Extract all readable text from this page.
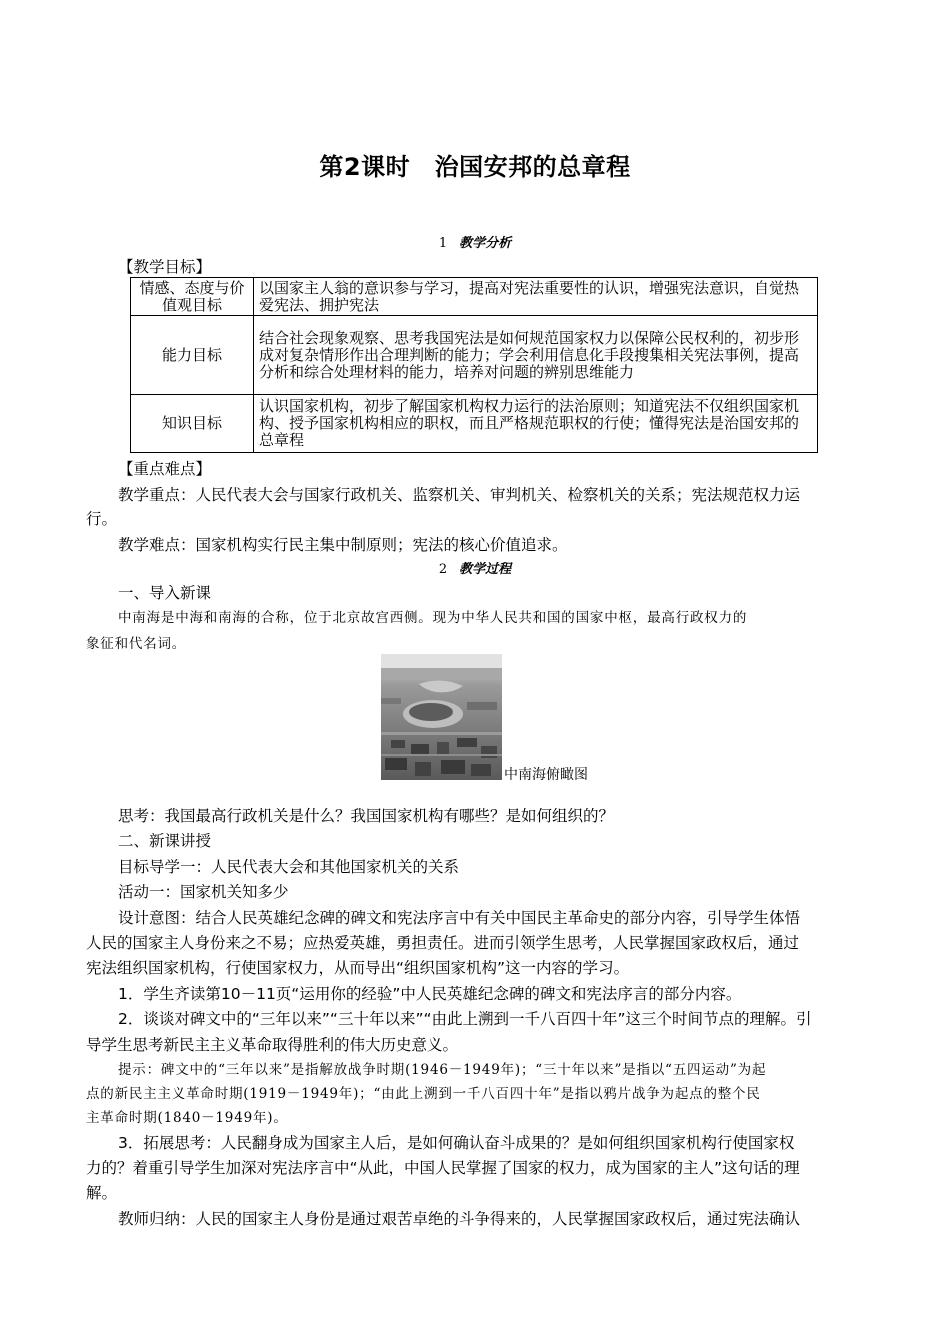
第2课时　治国安邦的总章程
1 教学分析
【教学目标】
情感、态度与价值观目标	以国家主人翁的意识参与学习，提高对宪法重要性的认识，增强宪法意识，自觉热爱宪法、拥护宪法
能力目标	结合社会现象观察、思考我国宪法是如何规范国家权力以保障公民权利的，初步形成对复杂情形作出合理判断的能力；学会利用信息化手段搜集相关宪法事例，提高分析和综合处理材料的能力，培养对问题的辨别思维能力
知识目标	认识国家机构，初步了解国家机构权力运行的法治原则；知道宪法不仅组织国家机构、授予国家机构相应的职权，而且严格规范职权的行使；懂得宪法是治国安邦的总章程
【重点难点】
教学重点：人民代表大会与国家行政机关、监察机关、审判机关、检察机关的关系；宪法规范权力运
行。
教学难点：国家机构实行民主集中制原则；宪法的核心价值追求。
2 教学过程
一、导入新课
中南海是中海和南海的合称，位于北京故宫西侧。现为中华人民共和国的国家中枢，最高行政权力的
象征和代名词。
中南海俯瞰图
思考：我国最高行政机关是什么？我国国家机构有哪些？是如何组织的？
二、新课讲授
目标导学一：人民代表大会和其他国家机关的关系
活动一：国家机关知多少
设计意图：结合人民英雄纪念碑的碑文和宪法序言中有关中国民主革命史的部分内容，引导学生体悟
人民的国家主人身份来之不易；应热爱英雄，勇担责任。进而引领学生思考，人民掌握国家政权后，通过
宪法组织国家机构，行使国家权力，从而导出“组织国家机构”这一内容的学习。
1．学生齐读第10－11页“运用你的经验”中人民英雄纪念碑的碑文和宪法序言的部分内容。
2．谈谈对碑文中的“三年以来”“三十年以来”“由此上溯到一千八百四十年”这三个时间节点的理解。引
导学生思考新民主主义革命取得胜利的伟大历史意义。
提示：碑文中的“三年以来”是指解放战争时期(1946－1949年)；“三十年以来”是指以“五四运动”为起
点的新民主主义革命时期(1919－1949年)；“由此上溯到一千八百四十年”是指以鸦片战争为起点的整个民
主革命时期(1840－1949年)。
3．拓展思考：人民翻身成为国家主人后，是如何确认奋斗成果的？是如何组织国家机构行使国家权
力的？着重引导学生加深对宪法序言中“从此，中国人民掌握了国家的权力，成为国家的主人”这句话的理
解。
教师归纳：人民的国家主人身份是通过艰苦卓绝的斗争得来的，人民掌握国家政权后，通过宪法确认
